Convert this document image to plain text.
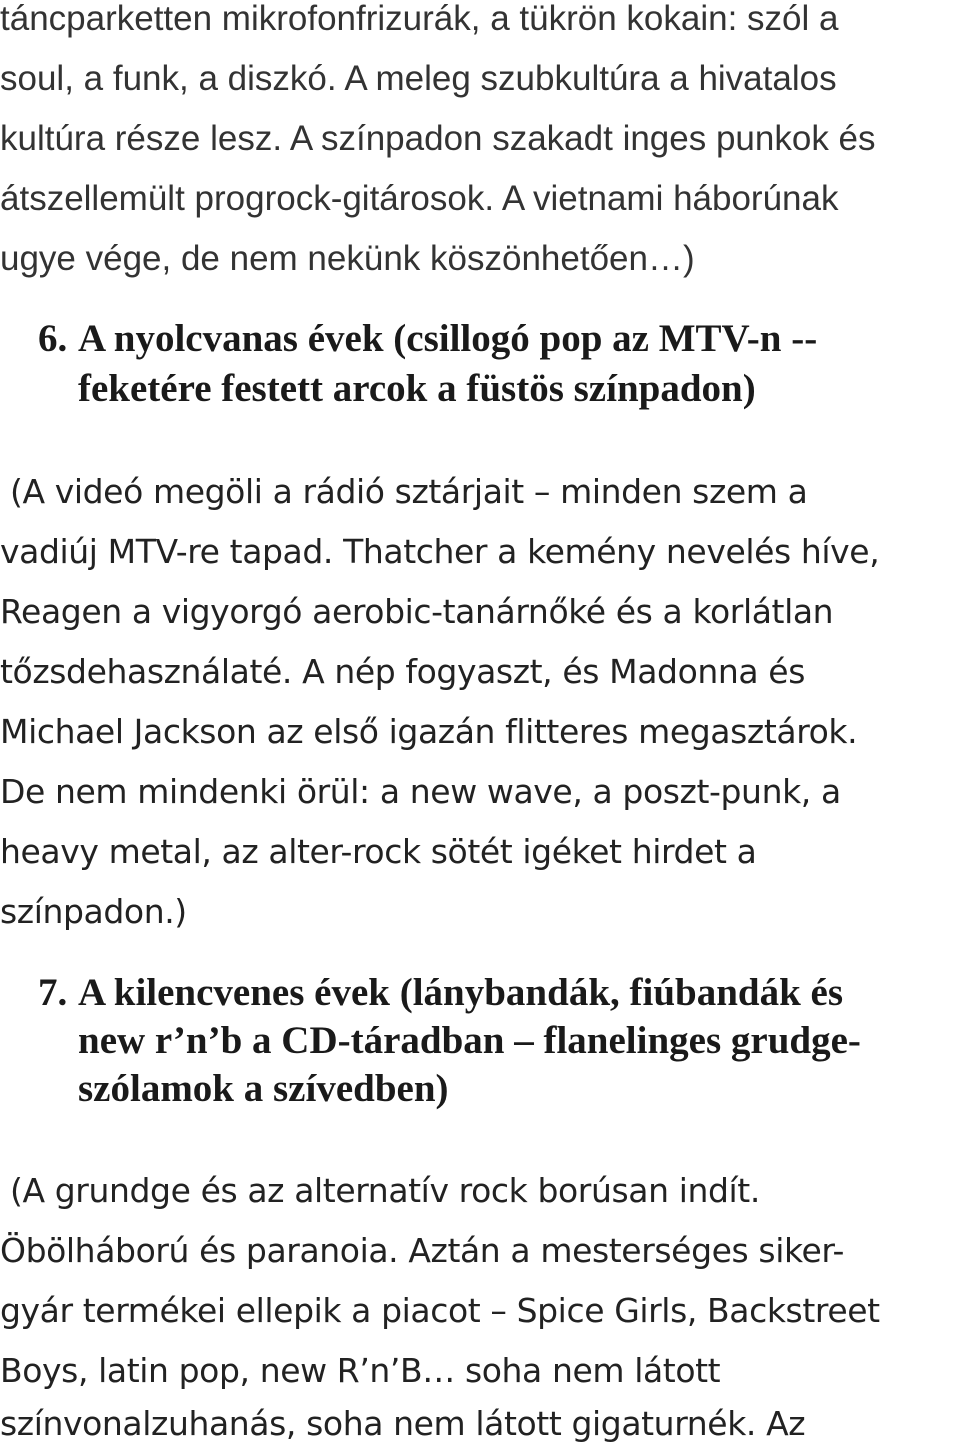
táncparketten mikrofonfrizurák, a tükrön kokain: szól a
soul, a funk, a diszkó. A meleg szubkultúra a hivatalos
kultúra része lesz. A színpadon szakadt inges punkok és
átszellemült progrock-gitárosok. A vietnami háborúnak
ugye vége, de nem nekünk köszönhetően…)
6. A nyolcvanas évek (csillogó pop az MTV-n --
feketére festett arcok a füstös színpadon)
(A videó megöli a rádió sztárjait – minden szem a
vadiúj MTV-re tapad. Thatcher a kemény nevelés híve,
Reagen a vigyorgó aerobic-tanárnőké és a korlátlan
tőzsdehasználaté. A nép fogyaszt, és Madonna és
Michael Jackson az első igazán flitteres megasztárok.
De nem mindenki örül: a new wave, a poszt-punk, a
heavy metal, az alter-rock sötét igéket hirdet a
színpadon.)
7. A kilencvenes évek (lánybandák, fiúbandák és
new r’n’b a CD-táradban – flanelinges grudge-
szólamok a szívedben)
(A grundge és az alternatív rock borúsan indít.
Öbölháború és paranoia. Aztán a mesterséges siker-
gyár termékei ellepik a piacot – Spice Girls, Backstreet
Boys, latin pop, new R’n’B… soha nem látott
színvonalzuhanás, soha nem látott gigaturnék. Az
